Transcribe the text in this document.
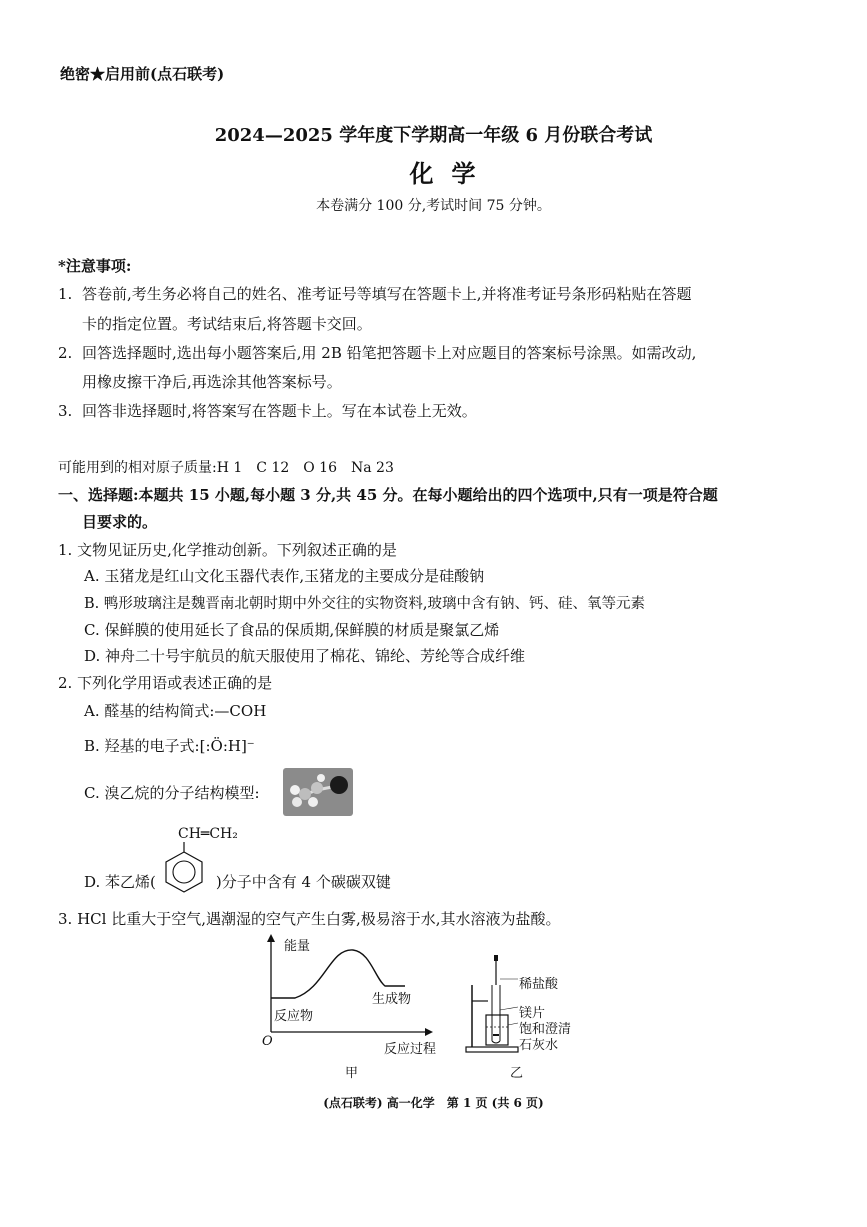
绝密★启用前(点石联考)
2024—2025 学年度下学期高一年级 6 月份联合考试
化学
本卷满分 100 分,考试时间 75 分钟。
*注意事项:
1. 答卷前,考生务必将自己的姓名、准考证号等填写在答题卡上,并将准考证号条形码粘贴在答题
卡的指定位置。考试结束后,将答题卡交回。
2. 回答选择题时,选出每小题答案后,用 2B 铅笔把答题卡上对应题目的答案标号涂黑。如需改动,
用橡皮擦干净后,再选涂其他答案标号。
3. 回答非选择题时,将答案写在答题卡上。写在本试卷上无效。
可能用到的相对原子质量:H 1　C 12　O 16　Na 23
一、选择题:本题共 15 小题,每小题 3 分,共 45 分。在每小题给出的四个选项中,只有一项是符合题
目要求的。
1. 文物见证历史,化学推动创新。下列叙述正确的是
A. 玉猪龙是红山文化玉器代表作,玉猪龙的主要成分是硅酸钠
B. 鸭形玻璃注是魏晋南北朝时期中外交往的实物资料,玻璃中含有钠、钙、硅、氧等元素
C. 保鲜膜的使用延长了食品的保质期,保鲜膜的材质是聚氯乙烯
D. 神舟二十号宇航员的航天服使用了棉花、锦纶、芳纶等合成纤维
2. 下列化学用语或表述正确的是
A. 醛基的结构简式:—COH
B. 羟基的电子式:[:Ö:H]⁻
C. 溴乙烷的分子结构模型:
CH═CH₂
D. 苯乙烯(　　　　)分子中含有 4 个碳碳双键
3. HCl 比重大于空气,遇潮湿的空气产生白雾,极易溶于水,其水溶液为盐酸。
能量
反应物
生成物
O
反应过程
甲
稀盐酸
镁片
饱和澄清
石灰水
乙
(点石联考) 高一化学　第 1 页 (共 6 页)
